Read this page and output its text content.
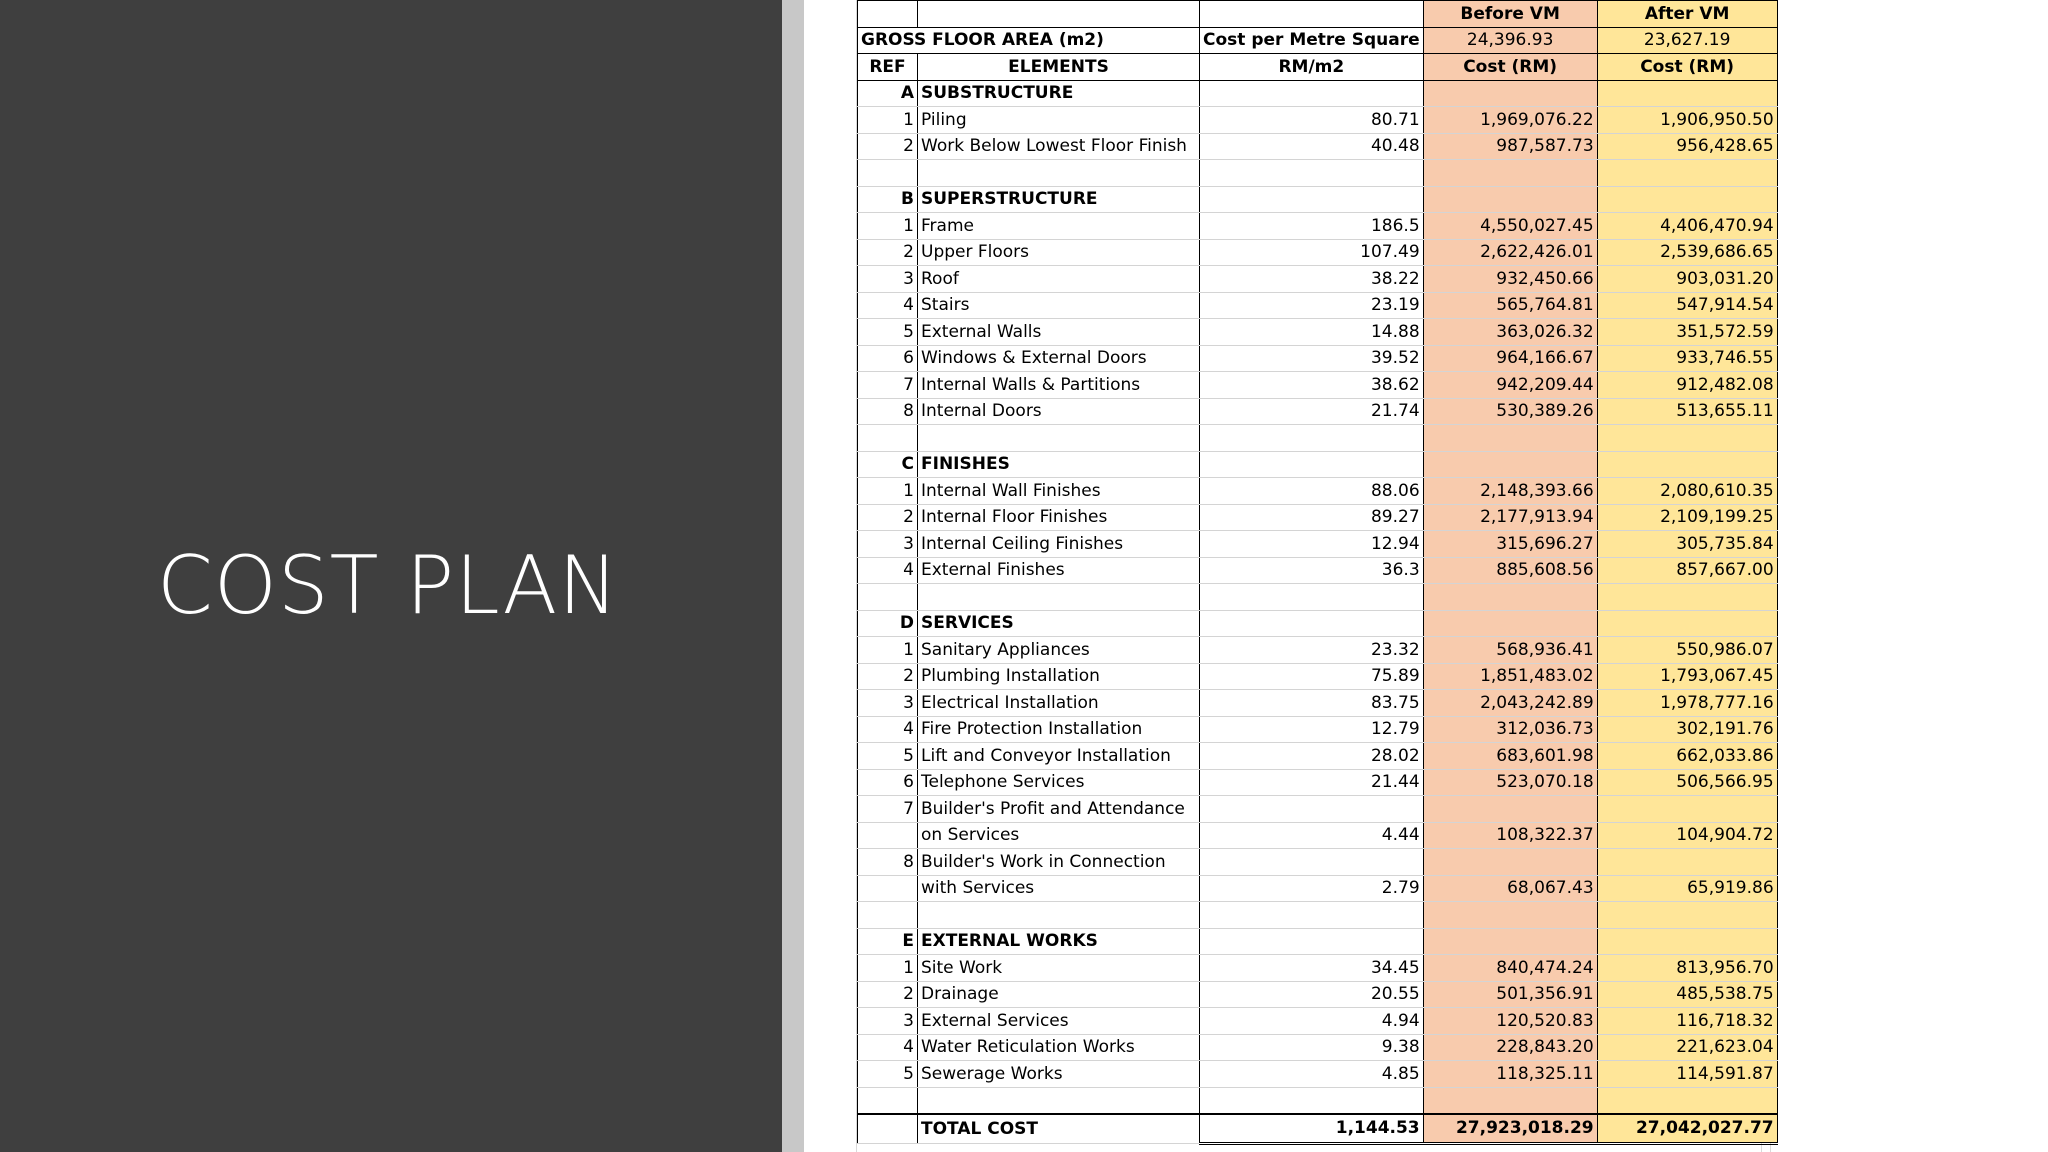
COST PLAN
			Before VM	After VM
GROSS FLOOR AREA (m2)		Cost per Metre Square	24,396.93	23,627.19
REF	ELEMENTS	RM/m2	Cost (RM)	Cost (RM)
A	SUBSTRUCTURE			
1	Piling	80.71	1,969,076.22	1,906,950.50
2	Work Below Lowest Floor Finish	40.48	987,587.73	956,428.65

B	SUPERSTRUCTURE			
1	Frame	186.5	4,550,027.45	4,406,470.94
2	Upper Floors	107.49	2,622,426.01	2,539,686.65
3	Roof	38.22	932,450.66	903,031.20
4	Stairs	23.19	565,764.81	547,914.54
5	External Walls	14.88	363,026.32	351,572.59
6	Windows & External Doors	39.52	964,166.67	933,746.55
7	Internal Walls & Partitions	38.62	942,209.44	912,482.08
8	Internal Doors	21.74	530,389.26	513,655.11

C	FINISHES			
1	Internal Wall Finishes	88.06	2,148,393.66	2,080,610.35
2	Internal Floor Finishes	89.27	2,177,913.94	2,109,199.25
3	Internal Ceiling Finishes	12.94	315,696.27	305,735.84
4	External Finishes	36.3	885,608.56	857,667.00

D	SERVICES			
1	Sanitary Appliances	23.32	568,936.41	550,986.07
2	Plumbing Installation	75.89	1,851,483.02	1,793,067.45
3	Electrical Installation	83.75	2,043,242.89	1,978,777.16
4	Fire Protection Installation	12.79	312,036.73	302,191.76
5	Lift and Conveyor Installation	28.02	683,601.98	662,033.86
6	Telephone Services	21.44	523,070.18	506,566.95
7	Builder's Profit and Attendance			
	on Services	4.44	108,322.37	104,904.72
8	Builder's Work in Connection			
	with Services	2.79	68,067.43	65,919.86

E	EXTERNAL WORKS			
1	Site Work	34.45	840,474.24	813,956.70
2	Drainage	20.55	501,356.91	485,538.75
3	External Services	4.94	120,520.83	116,718.32
4	Water Reticulation Works	9.38	228,843.20	221,623.04
5	Sewerage Works	4.85	118,325.11	114,591.87

	TOTAL COST	1,144.53	27,923,018.29	27,042,027.77
